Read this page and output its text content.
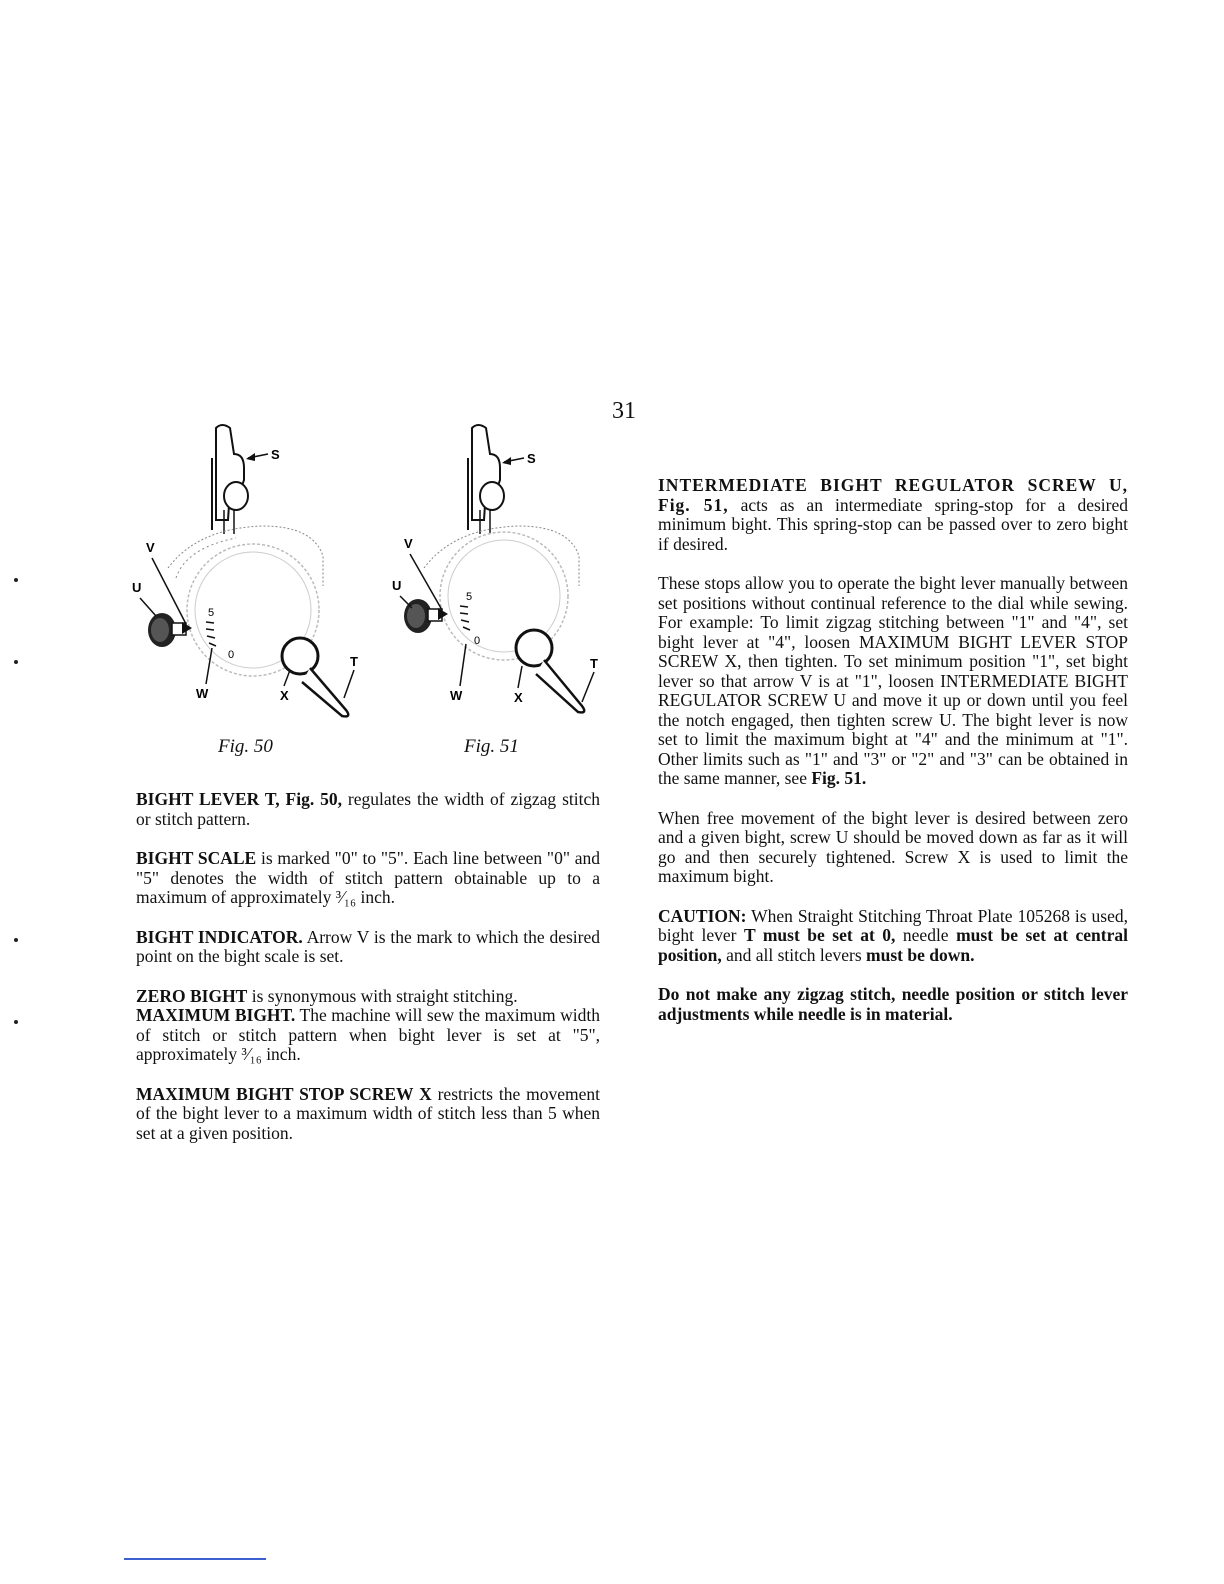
31
S
5
0
V
U
T
W	X
Fig. 50
S
5
0
V
U
T
W	X
Fig. 51

BIGHT LEVER T, Fig. 50, regulates the width of zigzag stitch or stitch pattern.

BIGHT SCALE is marked "0" to "5". Each line between "0" and "5" denotes the width of stitch pattern obtainable up to a maximum of approximately ³⁄₁₆ inch.

BIGHT INDICATOR. Arrow V is the mark to which the desired point on the bight scale is set.

ZERO BIGHT is synonymous with straight stitching.
MAXIMUM BIGHT. The machine will sew the maximum width of stitch or stitch pattern when bight lever is set at "5", approximately ³⁄₁₆ inch.

MAXIMUM BIGHT STOP SCREW X restricts the movement of the bight lever to a maximum width of stitch less than 5 when set at a given position.

INTERMEDIATE BIGHT REGULATOR SCREW U, Fig. 51, acts as an intermediate spring-stop for a desired minimum bight. This spring-stop can be passed over to zero bight if desired.

These stops allow you to operate the bight lever manually between set positions without continual reference to the dial while sewing. For example: To limit zigzag stitching between "1" and "4", set bight lever at "4", loosen MAXIMUM BIGHT LEVER STOP SCREW X, then tighten. To set minimum position "1", set bight lever so that arrow V is at "1", loosen INTERMEDIATE BIGHT REGULATOR SCREW U and move it up or down until you feel the notch engaged, then tighten screw U. The bight lever is now set to limit the maximum bight at "4" and the minimum at "1". Other limits such as "1" and "3" or "2" and "3" can be obtained in the same manner, see Fig. 51.

When free movement of the bight lever is desired between zero and a given bight, screw U should be moved down as far as it will go and then securely tightened. Screw X is used to limit the maximum bight.

CAUTION: When Straight Stitching Throat Plate 105268 is used, bight lever T must be set at 0, needle must be set at central position, and all stitch levers must be down.

Do not make any zigzag stitch, needle position or stitch lever adjustments while needle is in material.
